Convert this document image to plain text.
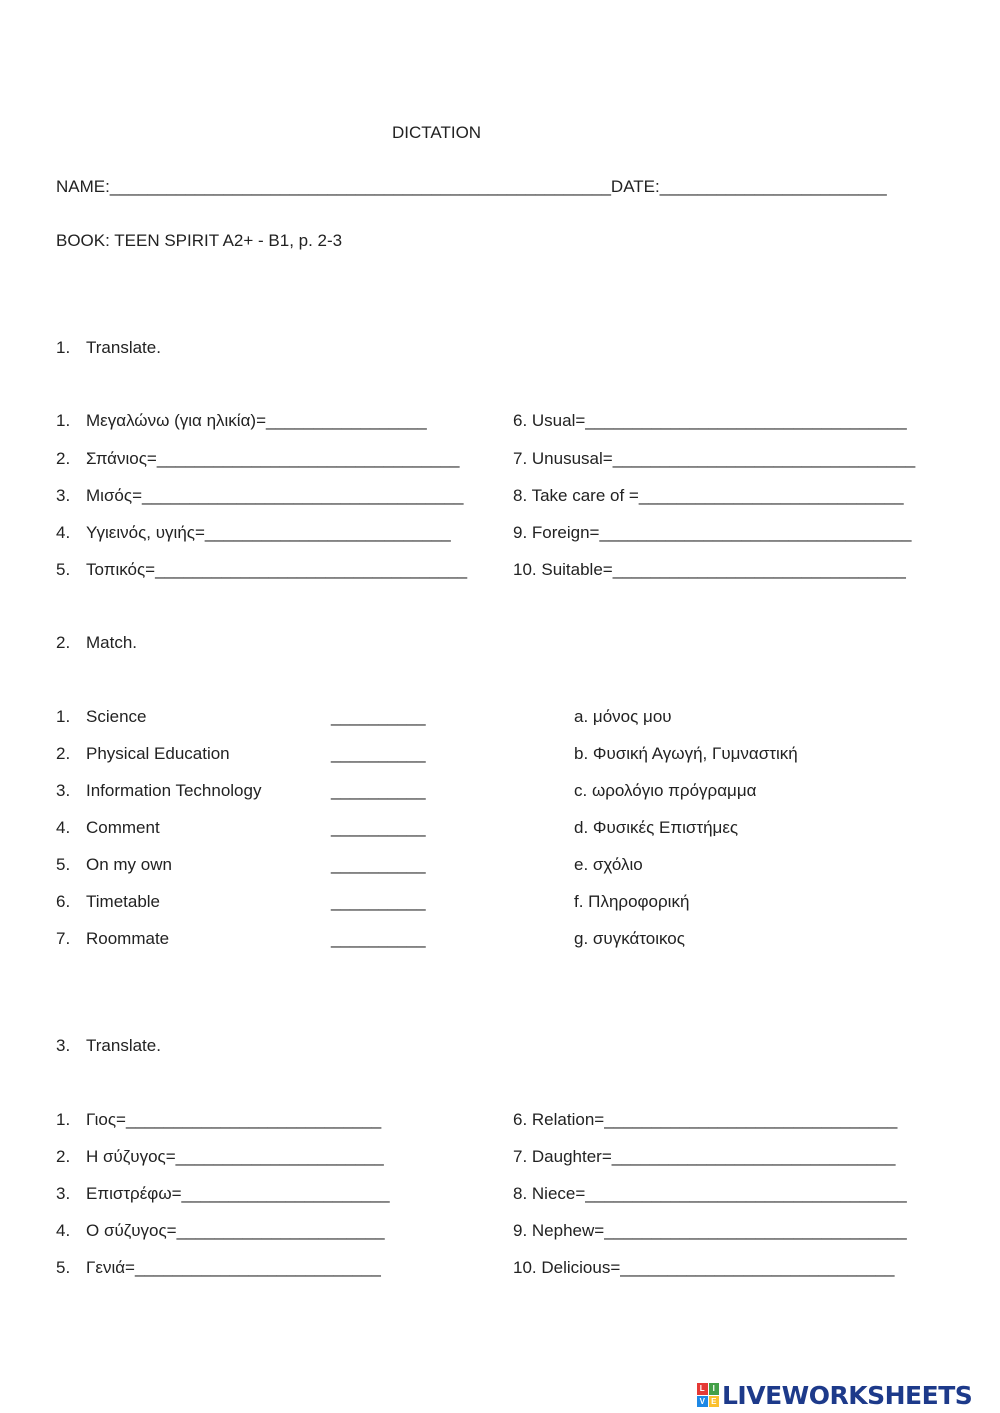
DICTATION
NAME:_____________________________________________________DATE:________________________
BOOK: TEEN SPIRIT A2+ - B1, p. 2-3
1. Translate.
1. Μεγαλώνω (για ηλικία)=_________________
2. Σπάνιος=________________________________
3. Μισός=__________________________________
4. Υγιεινός, υγιής=__________________________
5. Τοπικός=_________________________________
6. Usual=__________________________________
7. Unususal=________________________________
8. Take care of =____________________________
9. Foreign=_________________________________
10. Suitable=_______________________________
2. Match.
1. Science
2. Physical Education
3. Information Technology
4. Comment
5. On my own
6. Timetable
7. Roommate
__________
__________
__________
__________
__________
__________
__________
a. μόνος μου
b. Φυσική Αγωγή, Γυμναστική
c. ωρολόγιο πρόγραμμα
d. Φυσικές Επιστήμες
e. σχόλιο
f. Πληροφορική
g. συγκάτοικος
3. Translate.
1. Γιος=___________________________
2. Η σύζυγος=______________________
3. Επιστρέφω=______________________
4. Ο σύζυγος=______________________
5. Γενιά=__________________________
6. Relation=_______________________________
7. Daughter=______________________________
8. Niece=__________________________________
9. Nephew=________________________________
10. Delicious=_____________________________
L I
V E LIVEWORKSHEETS
